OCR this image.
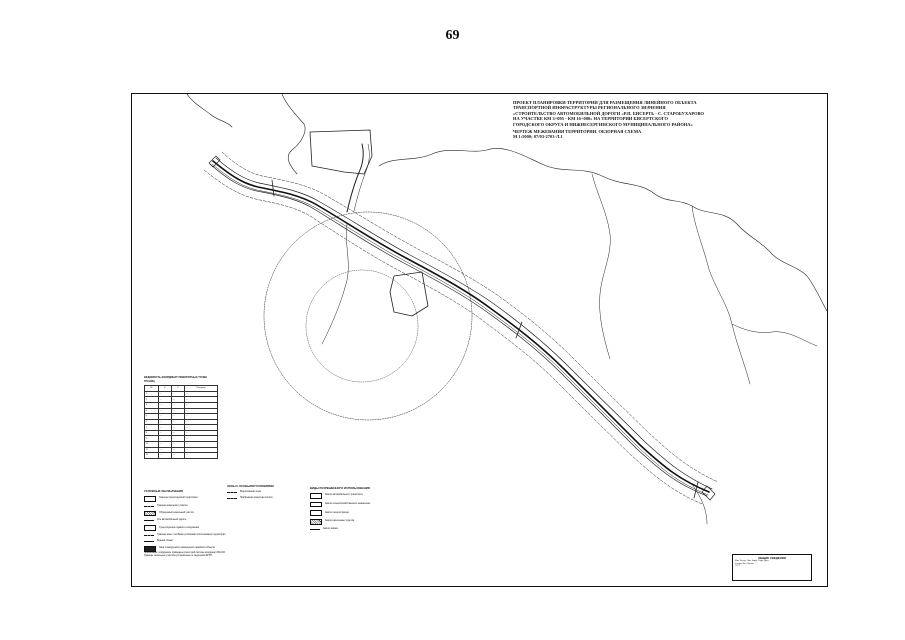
69
ПРОЕКТ ПЛАНИРОВКИ ТЕРРИТОРИИ ДЛЯ РАЗМЕЩЕНИЯ ЛИНЕЙНОГО ОБЪЕКТА
ТРАНСПОРТНОЙ ИНФРАСТРУКТУРЫ РЕГИОНАЛЬНОГО ЗНАЧЕНИЯ
«СТРОИТЕЛЬСТВО АВТОМОБИЛЬНОЙ ДОРОГИ «Р.П. БИСЕРТЬ - С. СТАРОБУХАРОВО
НА УЧАСТКЕ КМ 3+095 - КМ 16+000» НА ТЕРРИТОРИИ БИСЕРТСКОГО
ГОРОДСКОГО ОКРУГА И НИЖНЕСЕРГИНСКОГО МУНИЦИПАЛЬНОГО РАЙОНА»
ЧЕРТЕЖ МЕЖЕВАНИЯ ТЕРРИТОРИИ. ОБЗОРНАЯ СХЕМА
М 1:5000; 07/03-2703-Л.1
ВЕДОМОСТЬ КООРДИНАТ ПОВОРОТНЫХ ТОЧЕК ГРАНИЦ
№	X	Y	Площадь
1	—	—	—
2	—	—	—
3	—	—	—
4	—	—	—
5	—	—	—
6	—	—	—
7	—	—	—
8	—	—	—
9	—	—	—
10	—	—	—
11	—	—	—
12	—	—	—
УСЛОВНЫЕ ОБОЗНАЧЕНИЯ
Граница проектируемой территории
Граница земельного участка
Образуемый земельный участок
Ось автомобильной дороги
Существующие здания и сооружения
Граница зоны с особыми условиями использования территории
Водный объект
Зона планируемого размещения линейного объекта
ЗОНЫ С ОСОБЫМИ УСЛОВИЯМИ
Водоохранная зона
Прибрежная защитная полоса
ВИДЫ РАЗРЕШЕННОГО ИСПОЛЬЗОВАНИЯ
Земли автомобильного транспорта
Земли сельскохозяйственного назначения
Земли лесного фонда
Земли населенных пунктов
Земли запаса
Примечание: координаты приведены в местной системе координат МСК-66.
Границы земельных участков установлены по сведениям ЕГРН.
ОБЩИЕ СВЕДЕНИЯ
Изм. Кол.уч. Лист №док. Подп. Дата
Стадия Лист Листов
П 1 1
